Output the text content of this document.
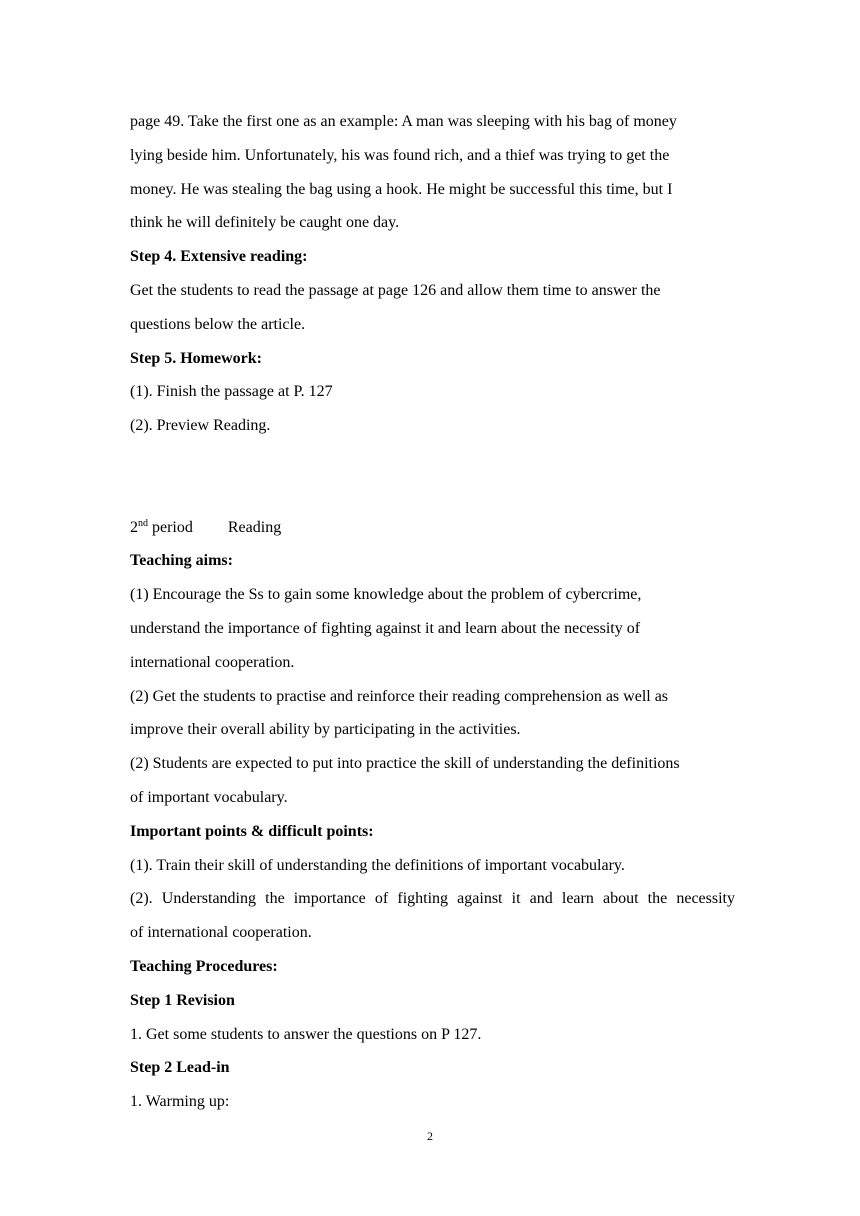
page 49. Take the first one as an example: A man was sleeping with his bag of money
lying beside him. Unfortunately, his was found rich, and a thief was trying to get the
money. He was stealing the bag using a hook. He might be successful this time, but I
think he will definitely be caught one day.
Step 4. Extensive reading:
Get the students to read the passage at page 126 and allow them time to answer the
questions below the article.
Step 5. Homework:
(1). Finish the passage at P. 127
(2). Preview Reading.
2nd period Reading
Teaching aims:
(1) Encourage the Ss to gain some knowledge about the problem of cybercrime,
understand the importance of fighting against it and learn about the necessity of
international cooperation.
(2) Get the students to practise and reinforce their reading comprehension as well as
improve their overall ability by participating in the activities.
(2) Students are expected to put into practice the skill of understanding the definitions
of important vocabulary.
Important points & difficult points:
(1). Train their skill of understanding the definitions of important vocabulary.
(2). Understanding the importance of fighting against it and learn about the necessity
of international cooperation.
Teaching Procedures:
Step 1 Revision
1. Get some students to answer the questions on P 127.
Step 2 Lead-in
1. Warming up:
2
